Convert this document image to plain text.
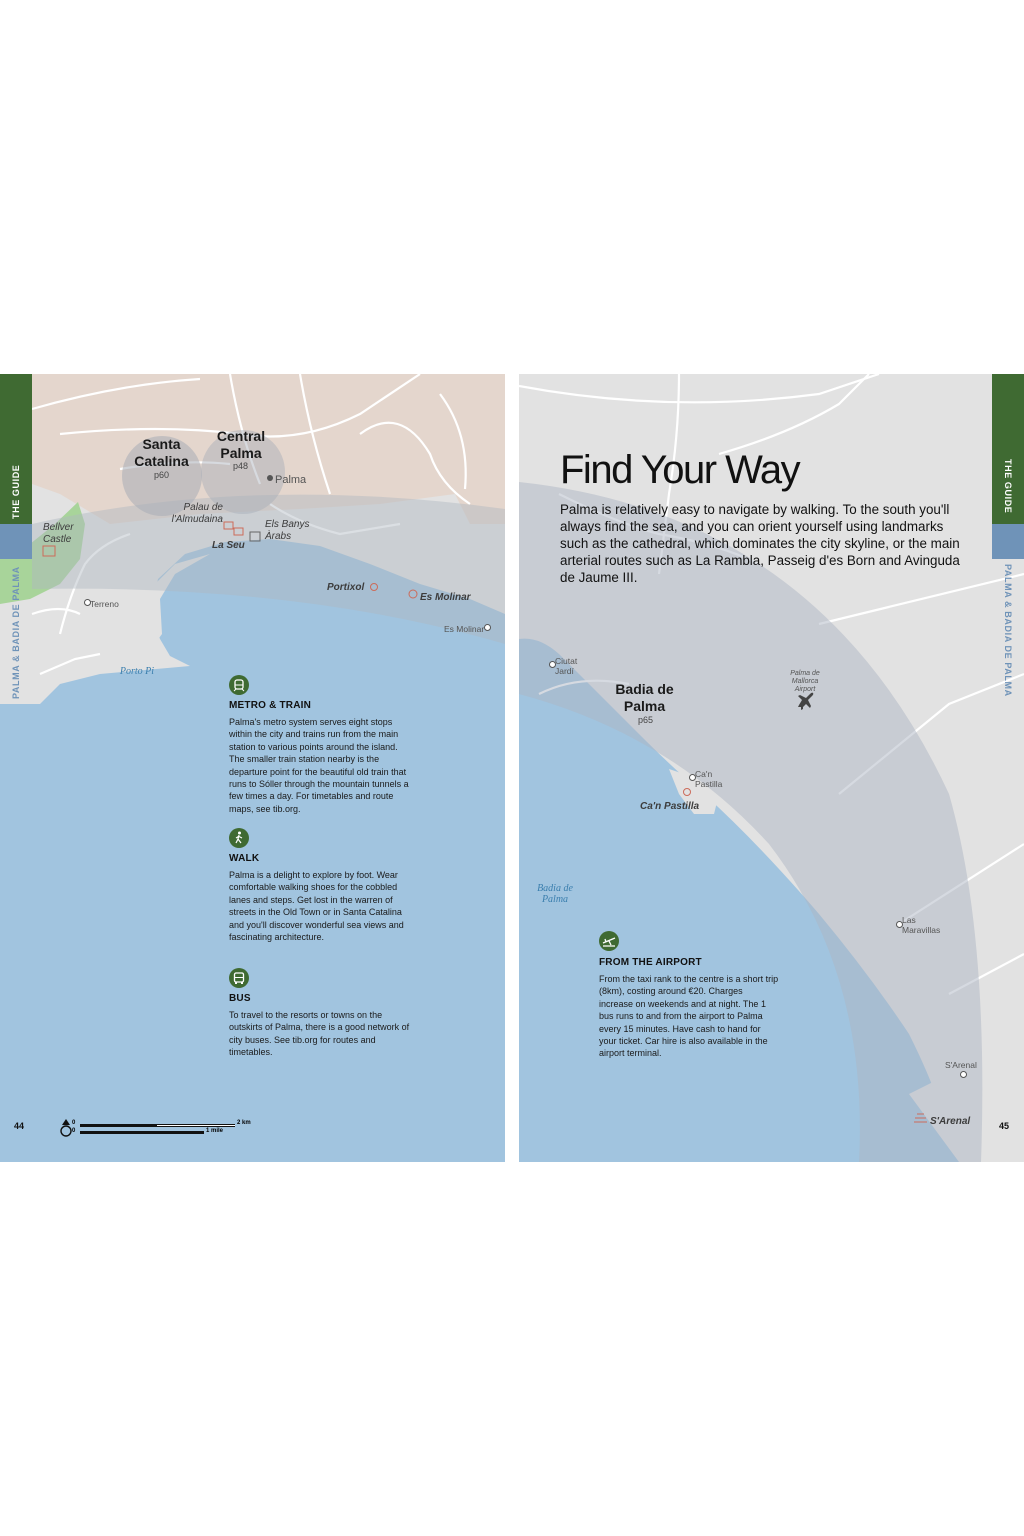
THE GUIDE
PALMA & BADIA DE PALMA
Santa
Catalina
p60
Central
Palma
p48
Palma
Palau de
l'Almudaina	Els Banys
Àrabs
La Seu
Bellver
Castle
Terreno
Portixol
Es Molinar
Es Molinar
Porto Pi
METRO & TRAIN
Palma's metro system serves eight stops within the city and trains run from the main station to various points around the island. The smaller train station nearby is the departure point for the beautiful old train that runs to Sóller through the mountain tunnels a few times a day. For timetables and route maps, see tib.org.
WALK
Palma is a delight to explore by foot. Wear comfortable walking shoes for the cobbled lanes and steps. Get lost in the warren of streets in the Old Town or in Santa Catalina and you'll discover wonderful sea views and fascinating architecture.
BUS
To travel to the resorts or towns on the outskirts of Palma, there is a good network of city buses. See tib.org for routes and timetables.
44	0	2 km
0	1 mile
Find Your Way
Palma is relatively easy to navigate by walking. To the south you'll always find the sea, and you can orient yourself using landmarks such as the cathedral, which dominates the city skyline, or the main arterial routes such as La Rambla, Passeig d'es Born and Avinguda de Jaume III.
Badia de
Palma
p65
Ciutat
Jardí	Palma de
Mallorca
Airport
Ca'n
Pastilla
Ca'n Pastilla
Badia de
Palma
Las
Maravillas
S'Arenal
S'Arenal
FROM THE AIRPORT
From the taxi rank to the centre is a short trip (8km), costing around €20. Charges increase on weekends and at night. The 1 bus runs to and from the airport to Palma every 15 minutes. Have cash to hand for your ticket. Car hire is also available in the airport terminal.
45
THE GUIDE
PALMA & BADIA DE PALMA
